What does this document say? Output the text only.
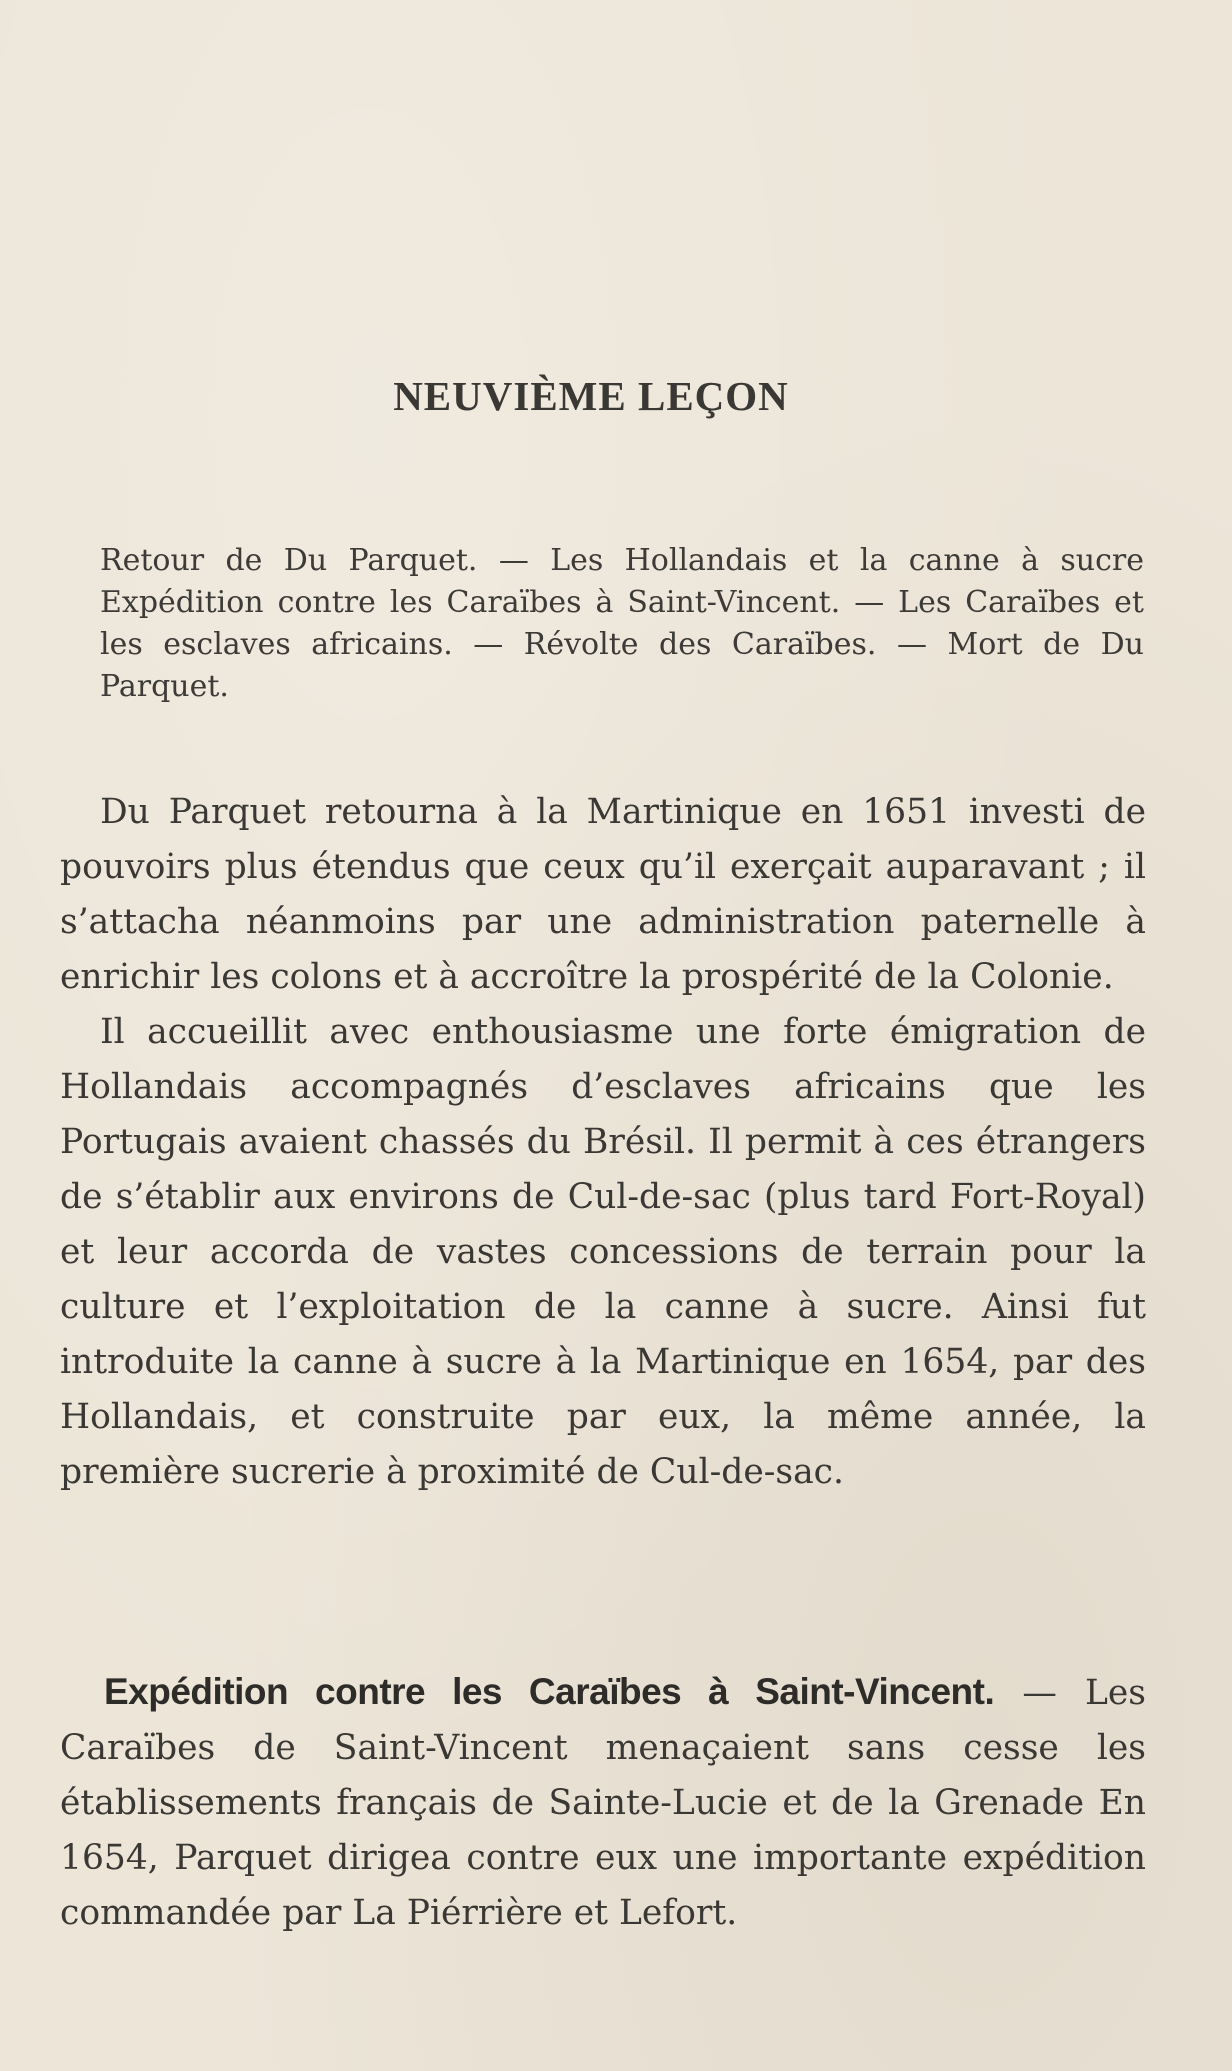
NEUVIÈME LEÇON

Retour de Du Parquet. — Les Hollandais et la canne à sucre Expédition contre les Caraïbes à Saint-Vincent. — Les Caraïbes et les esclaves africains. — Révolte des Caraïbes. — Mort de Du Parquet.

Du Parquet retourna à la Martinique en 1651 investi de pouvoirs plus étendus que ceux qu’il exerçait auparavant ; il s’attacha néanmoins par une administration paternelle à enrichir les colons et à accroître la prospérité de la Colonie.

Il accueillit avec enthousiasme une forte émigration de Hollandais accompagnés d’esclaves africains que les Portugais avaient chassés du Brésil. Il permit à ces étrangers de s’établir aux environs de Cul-de-sac (plus tard Fort-Royal) et leur accorda de vastes concessions de terrain pour la culture et l’exploitation de la canne à sucre. Ainsi fut introduite la canne à sucre à la Martinique en 1654, par des Hollandais, et construite par eux, la même année, la première sucrerie à proximité de Cul-de-sac.

Expédition contre les Caraïbes à Saint-Vincent. — Les Caraïbes de Saint-Vincent menaçaient sans cesse les établissements français de Sainte-Lucie et de la Grenade En 1654, Parquet dirigea contre eux une importante expédition commandée par La Piérrière et Lefort.
